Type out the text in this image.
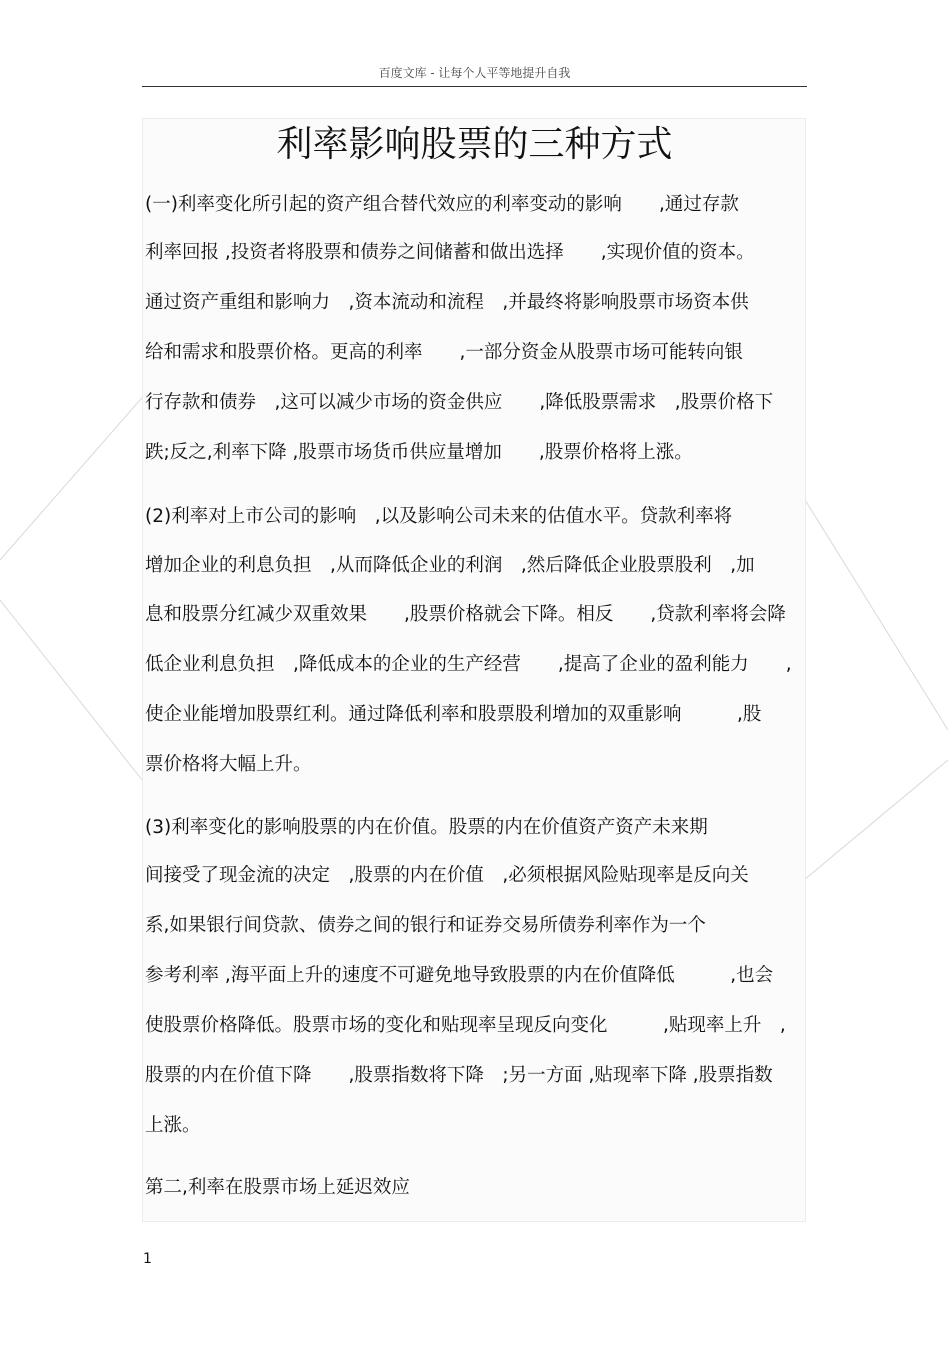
百度文库 - 让每个人平等地提升自我
利率影响股票的三种方式
(一)利率变化所引起的资产组合替代效应的利率变动的影响　　,通过存款
利率回报 ,投资者将股票和债券之间储蓄和做出选择　　,实现价值的资本。
通过资产重组和影响力　,资本流动和流程　,并最终将影响股票市场资本供
给和需求和股票价格。更高的利率　　,一部分资金从股票市场可能转向银
行存款和债券　,这可以减少市场的资金供应　　,降低股票需求　,股票价格下
跌;反之,利率下降 ,股票市场货币供应量增加　　,股票价格将上涨。
(2)利率对上市公司的影响　,以及影响公司未来的估值水平。贷款利率将
增加企业的利息负担　,从而降低企业的利润　,然后降低企业股票股利　,加
息和股票分红减少双重效果　　,股票价格就会下降。相反　　,贷款利率将会降
低企业利息负担　,降低成本的企业的生产经营　　,提高了企业的盈利能力　　,
使企业能增加股票红利。通过降低利率和股票股利增加的双重影响　　　,股
票价格将大幅上升。
(3)利率变化的影响股票的内在价值。股票的内在价值资产资产未来期
间接受了现金流的决定　,股票的内在价值　,必须根据风险贴现率是反向关
系,如果银行间贷款、债券之间的银行和证券交易所债券利率作为一个
参考利率 ,海平面上升的速度不可避免地导致股票的内在价值降低　　　,也会
使股票价格降低。股票市场的变化和贴现率呈现反向变化　　　,贴现率上升　,
股票的内在价值下降　　,股票指数将下降　;另一方面 ,贴现率下降 ,股票指数
上涨。
第二,利率在股票市场上延迟效应
1
